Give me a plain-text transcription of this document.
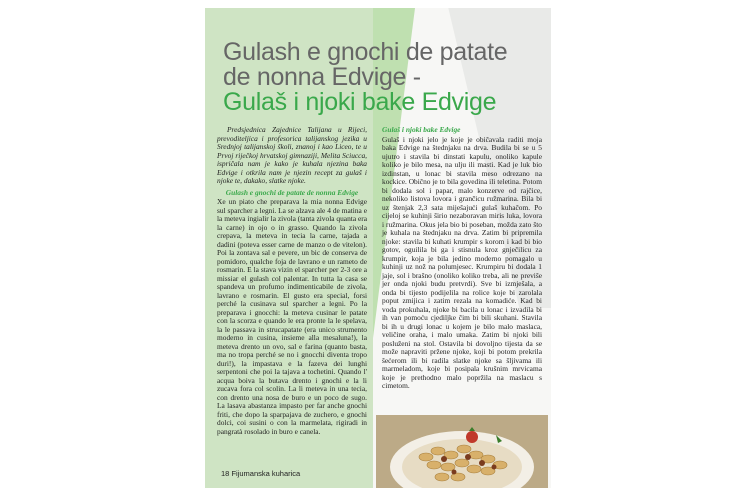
Gulash e gnochi de patate
de nonna Edvige -
Gulaš i njoki bake Edvige

Predsjednica Zajednice Talijana u Rijeci, prevoditeljica i profesorica talijanskog jezika u Srednjoj talijanskoj školi, znanoj i kao Liceo, te u Prvoj riječkoj hrvatskoj gimnaziji, Melita Sciucca, ispričala nam je kako je kuhala njezina baka Edvige i otkrila nam je njezin recept za gulaš i njoke te, dakako, slatke njoke.

Gulash e gnochi de patate de nonna Edvige

Xe un piato che preparava la mia nonna Edvige sul sparcher a legni. La se alzava ale 4 de matina e la meteva ingialir la zivola (tanta zivola quanta era la carne) in ojo o in grasso. Quando la zivola crepava, la meteva in tecia la carne, tajada a dadini (poteva esser carne de manzo o de vitelon). Poi la zontava sal e pevere, un bic de conserva de pomidoro, qualche foja de lavrano e un rameto de rosmarin. E la stava vizin el sparcher per 2-3 ore a missiar el gulash col palentar. In tutta la casa se spandeva un profumo indimenticabile de zivola, lavrano e rosmarin. El gusto era special, forsi perché la cusinava sul sparcher a legni. Po la preparava i gnocchi: la meteva cusinar le patate con la scorza e quando le era pronte la le spelava, la le passava in strucapatate (era unico strumento moderno in cusina, insieme alla mesaluna!), la meteva drento un ovo, sal e farina (quanto basta, ma no tropa perché se no i gnocchi diventa tropo duri!), la impastava e la fazeva dei lunghi serpentoni che poi la tajava a tochetini. Quando l' acqua boiva la butava drento i gnochi e la li zucava fora col scolin. La li meteva in una tecia, con drento una nosa de buro e un poco de sugo. La lasava abastanza impasto per far anche gnochi friti, che dopo la sparpajava de zuchero, e gnochi dolci, coi susini o con la marmelata, rigiradi in pangratà rosolado in buro e canela.

Gulaš i njoki bake Edvige

Gulaš i njoki jelo je koje je običavala raditi moja baka Edvige na štednjaku na drva. Budila bi se u 5 ujutro i stavila bi dinstati kapulu, onoliko kapule koliko je bilo mesa, na ulju ili masti. Kad je luk bio izdinstan, u lonac bi stavila meso odrezano na kockice. Obično je to bila govedina ili teletina. Potom bi dodala sol i papar, malo konzerve od rajčice, nekoliko listova lovora i grančicu ružmarina. Bila bi uz štenjak 2,3 sata miješajući gulaš kuhačom. Po cijeloj se kuhinji širio nezaboravan miris luka, lovora i ružmarina. Okus jela bio bi poseban, možda zato što je kuhala na štednjaku na drva. Zatim bi pripremila njoke: stavila bi kuhati krumpir s korom i kad bi bio gotov, oguilila bi ga i stisnula kroz gnječilicu za krumpir, koja je bila jedino moderno pomagalo u kuhinji uz nož na polumjesec. Krumpiru bi dodala 1 jaje, sol i brašno (onoliko koliko treba, ali ne previše jer onda njoki budu pretvrdi). Sve bi izmješala, a onda bi tijesto podijelila na rolice koje bi zarolala poput zmijica i zatim rezala na komadiće. Kad bi voda prokuhala, njoke bi bacila u lonac i izvadila bi ih van pomoću cjediljke čim bi bili skuhani. Stavila bi ih u drugi lonac u kojem je bilo malo maslaca, veličine oraha, i malo umaka. Zatim bi njoki bili posluženi na stol. Ostavila bi dovoljno tijesta da se može napraviti pržene njoke, koji bi potom prekrila šećerom ili bi radila slatke njoke sa šljivama ili marmeladom, koje bi posipala krušnim mrvicama koje je prethodno malo popržila na maslacu s cimetom.

18 Fijumanska kuharica
